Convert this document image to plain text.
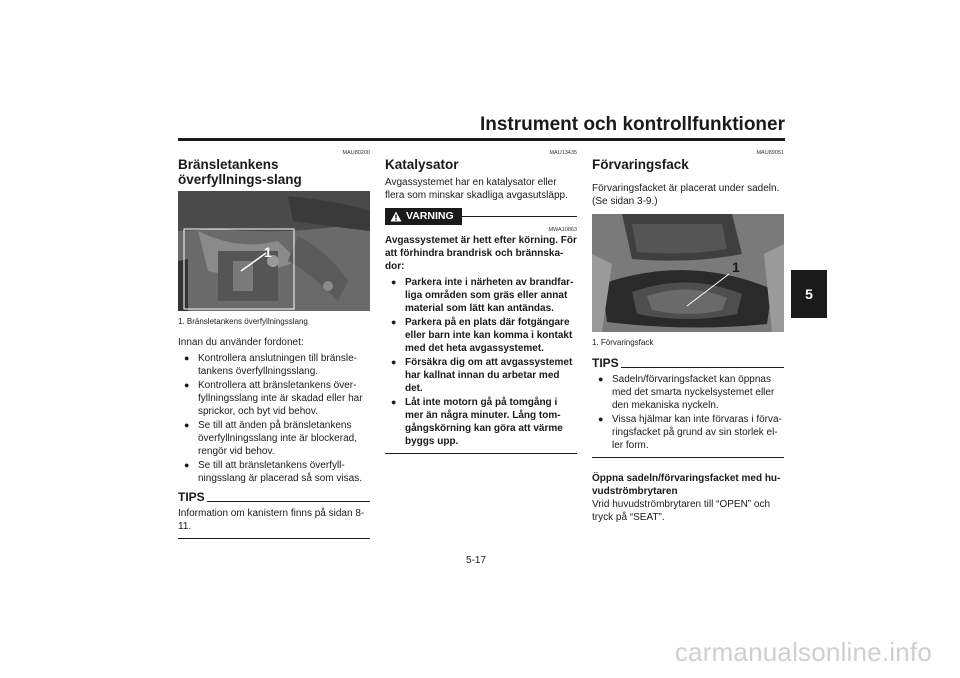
Instrument och kontrollfunktioner
5
MAU80200
Bränsletankens överfyllnings-slang
1
1. Bränsletankens överfyllningsslang

Innan du använder fordonet:

● Kontrollera anslutningen till bränsle-tankens överfyllningsslang.
● Kontrollera att bränsletankens över-fyllningsslang inte är skadad eller har sprickor, och byt vid behov.
● Se till att änden på bränsletankens överfyllningsslang inte är blockerad, rengör vid behov.
● Se till att bränsletankens överfyll-ningsslang är placerad så som visas.
TIPS

Information om kanistern finns på sidan 8-11.

MAU13435
Katalysator

Avgassystemet har en katalysator eller flera som minskar skadliga avgasutsläpp.

VARNING
MWA10863

Avgassystemet är hett efter körning. För att förhindra brandrisk och brännska-dor:

● Parkera inte i närheten av brandfar-liga områden som gräs eller annat material som lätt kan antändas.
● Parkera på en plats där fotgängare eller barn inte kan komma i kontakt med det heta avgassystemet.
● Försäkra dig om att avgassystemet har kallnat innan du arbetar med det.
● Låt inte motorn gå på tomgång i mer än några minuter. Lång tom-gångskörning kan göra att värme byggs upp.
MAU89051
Förvaringsfack

Förvaringsfacket är placerat under sadeln. (Se sidan 3-9.)

1
1. Förvaringsfack
TIPS
● Sadeln/förvaringsfacket kan öppnas med det smarta nyckelsystemet eller den mekaniska nyckeln.
● Vissa hjälmar kan inte förvaras i förva-ringsfacket på grund av sin storlek el-ler form.

Öppna sadeln/förvaringsfacket med hu-vudströmbrytaren

Vrid huvudströmbrytaren till “OPEN” och tryck på “SEAT”.

5-17
carmanualsonline.info
